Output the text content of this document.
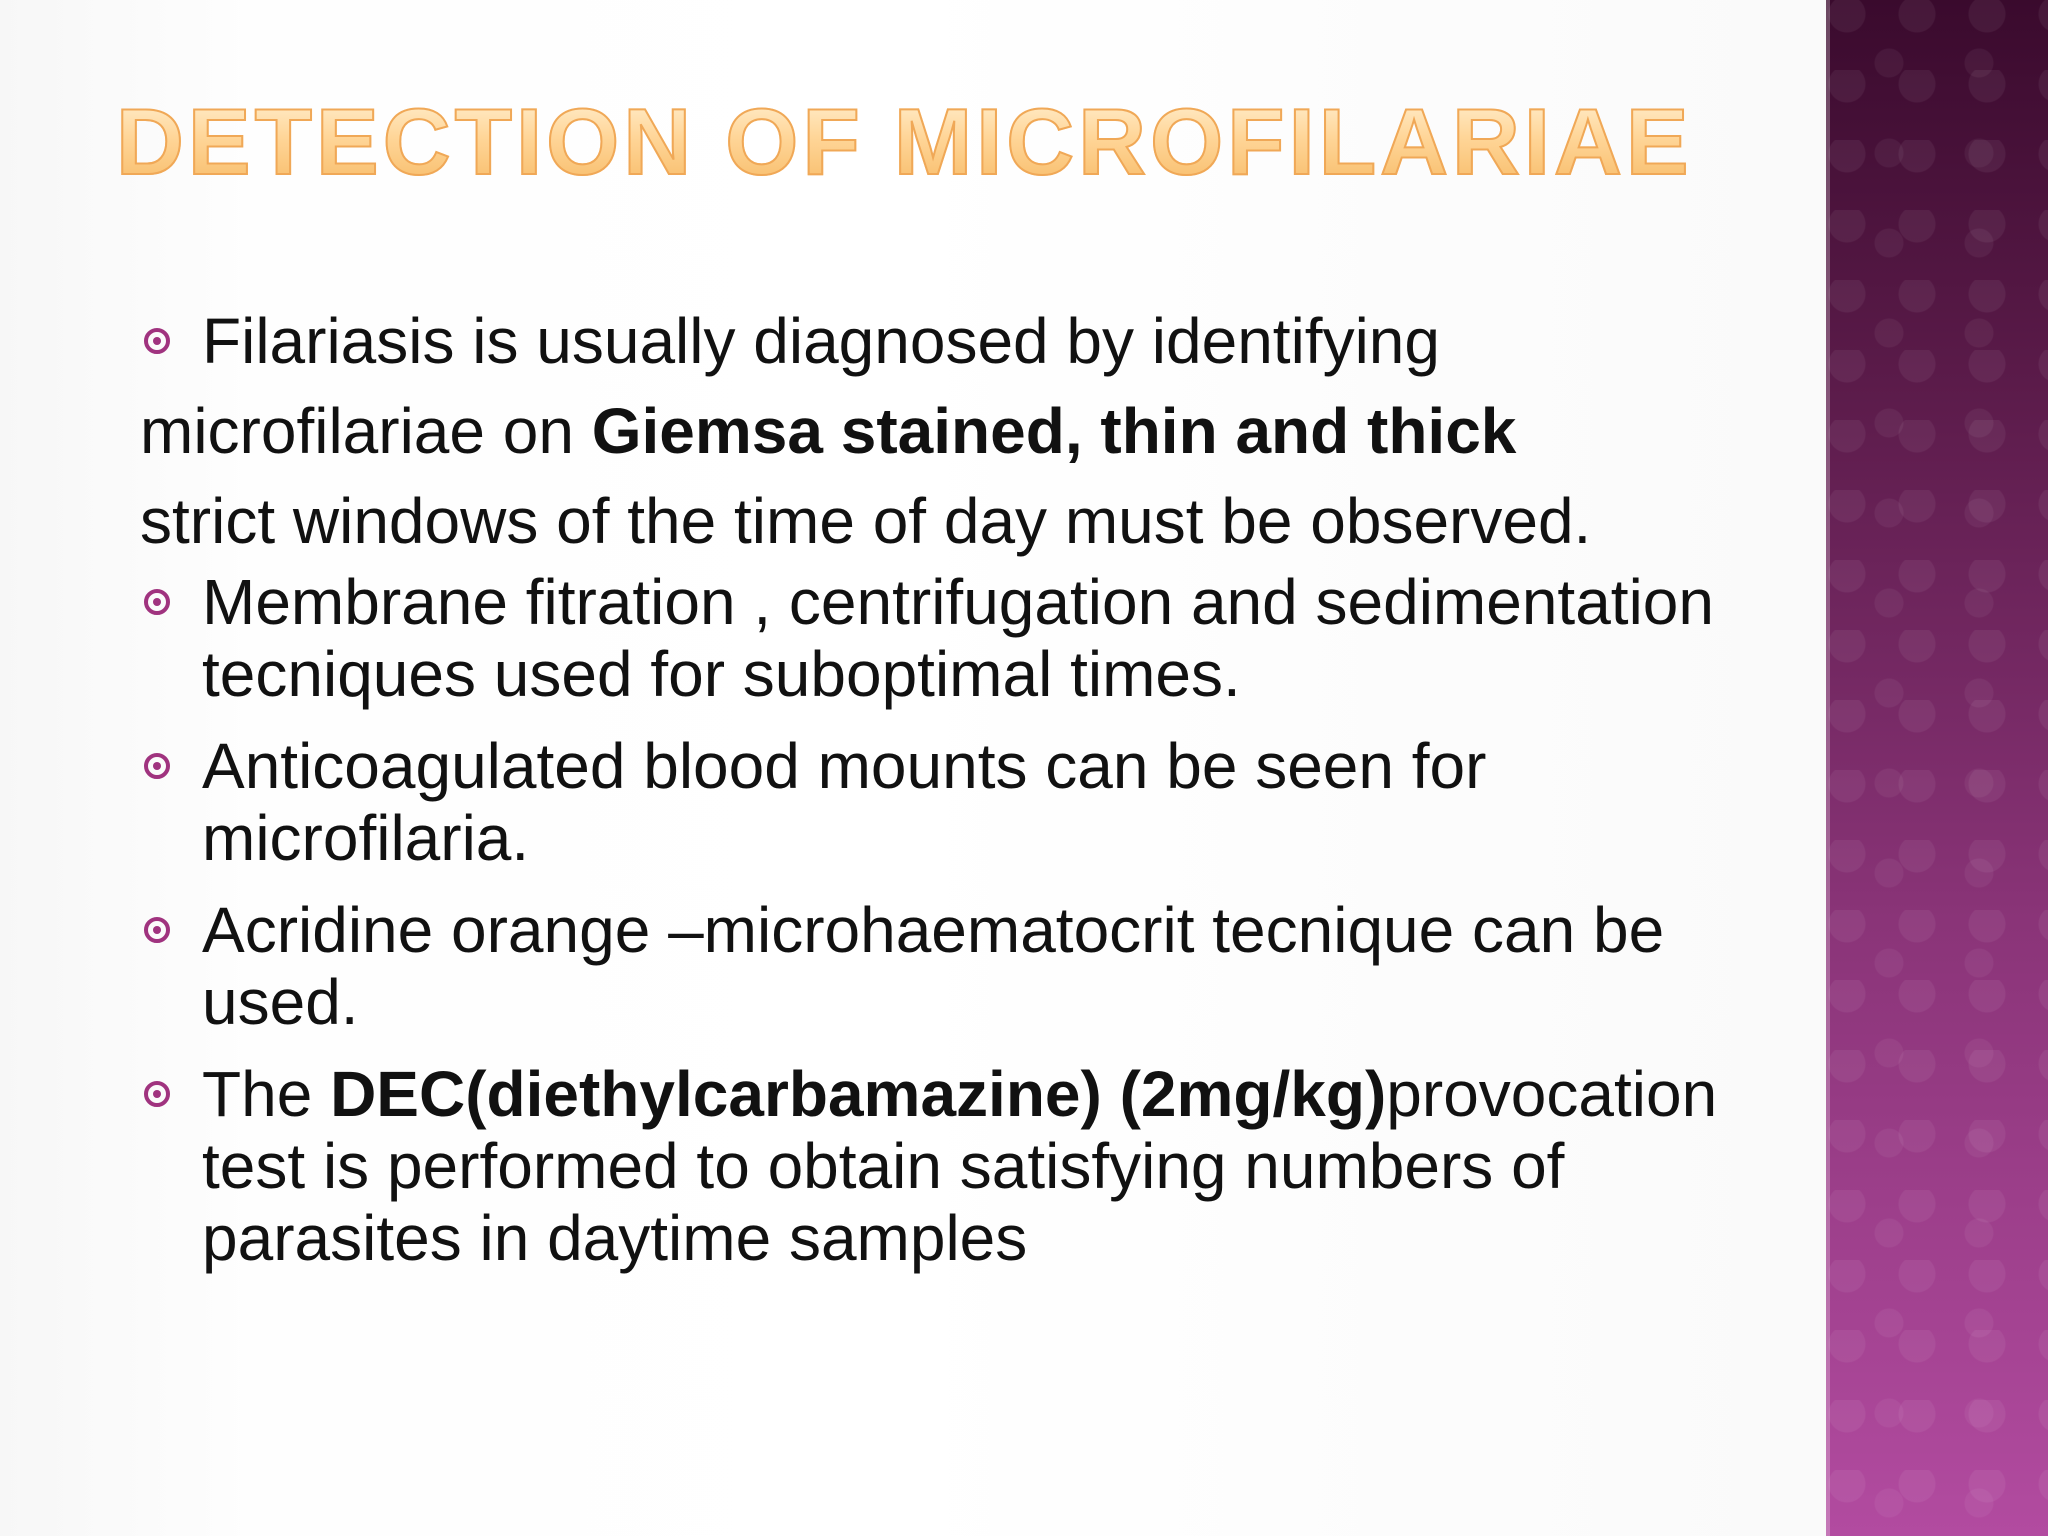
DETECTION OF MICROFILARIAE
Filariasis is usually diagnosed by identifying
microfilariae on Giemsa stained, thin and thick
strict windows of the time of day must be observed.
Membrane fitration , centrifugation and sedimentation tecniques used for suboptimal times.
Anticoagulated blood mounts can be seen for microfilaria.
Acridine orange –microhaematocrit tecnique can be used.
The DEC(diethylcarbamazine) (2mg/kg)provocation test is performed to obtain satisfying numbers of parasites in daytime samples
